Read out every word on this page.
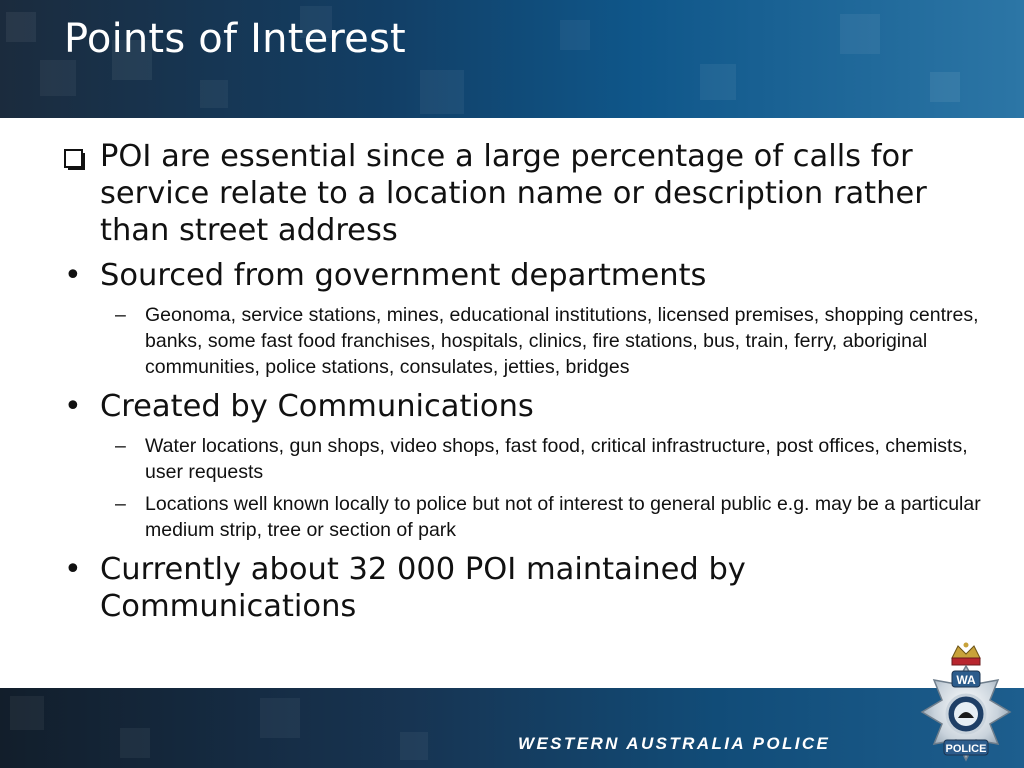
Points of Interest
POI are essential since a large percentage of calls for service relate to a location name or description rather than street address
• Sourced from government departments
– Geonoma, service stations, mines, educational institutions, licensed premises, shopping centres, banks, some fast food franchises, hospitals, clinics, fire stations, bus, train, ferry, aboriginal communities, police stations, consulates, jetties, bridges
• Created by Communications
– Water locations, gun shops, video shops, fast food, critical infrastructure, post offices, chemists, user requests
– Locations well known locally to police but not of interest to general public e.g. may be a particular medium strip, tree or section of park
• Currently about 32 000 POI maintained by Communications
WESTERN AUSTRALIA POLICE
WA
POLICE
